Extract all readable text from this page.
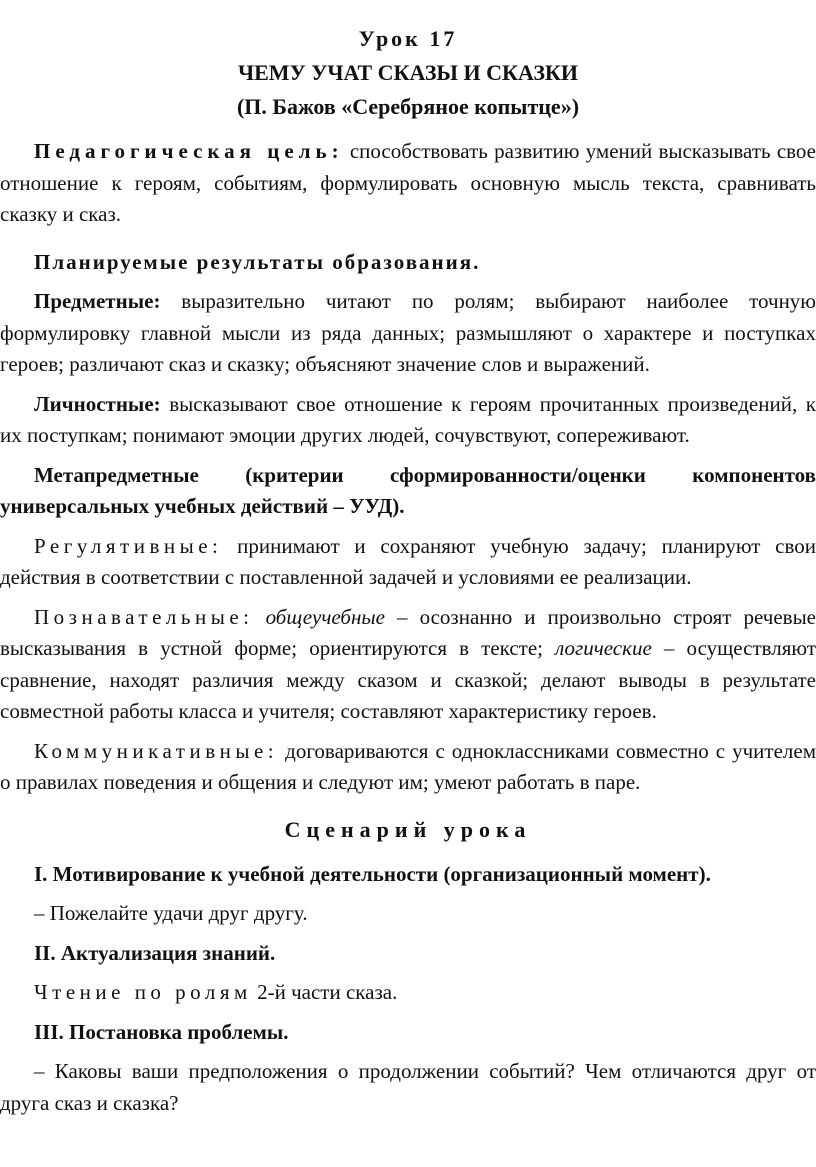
Урок 17

ЧЕМУ УЧАТ СКАЗЫ И СКАЗКИ

(П. Бажов «Серебряное копытце»)

Педагогическая цель: способствовать развитию умений высказывать свое отношение к героям, событиям, формулировать основную мысль текста, сравнивать сказку и сказ.

Планируемые результаты образования.

Предметные: выразительно читают по ролям; выбирают наиболее точную формулировку главной мысли из ряда данных; размышляют о характере и поступках героев; различают сказ и сказку; объясняют значение слов и выражений.

Личностные: высказывают свое отношение к героям прочитанных произведений, к их поступкам; понимают эмоции других людей, сочувствуют, сопереживают.

Метапредметные (критерии сформированности/оценки компонентов универсальных учебных действий – УУД).

Регулятивные: принимают и сохраняют учебную задачу; планируют свои действия в соответствии с поставленной задачей и условиями ее реализации.

Познавательные: общеучебные – осознанно и произвольно строят речевые высказывания в устной форме; ориентируются в тексте; логические – осуществляют сравнение, находят различия между сказом и сказкой; делают выводы в результате совместной работы класса и учителя; составляют характеристику героев.

Коммуникативные: договариваются с одноклассниками совместно с учителем о правилах поведения и общения и следуют им; умеют работать в паре.

Сценарий урока

I. Мотивирование к учебной деятельности (организационный момент).

– Пожелайте удачи друг другу.

II. Актуализация знаний.

Чтение по ролям 2-й части сказа.

III. Постановка проблемы.

– Каковы ваши предположения о продолжении событий? Чем отличаются друг от друга сказ и сказка?
